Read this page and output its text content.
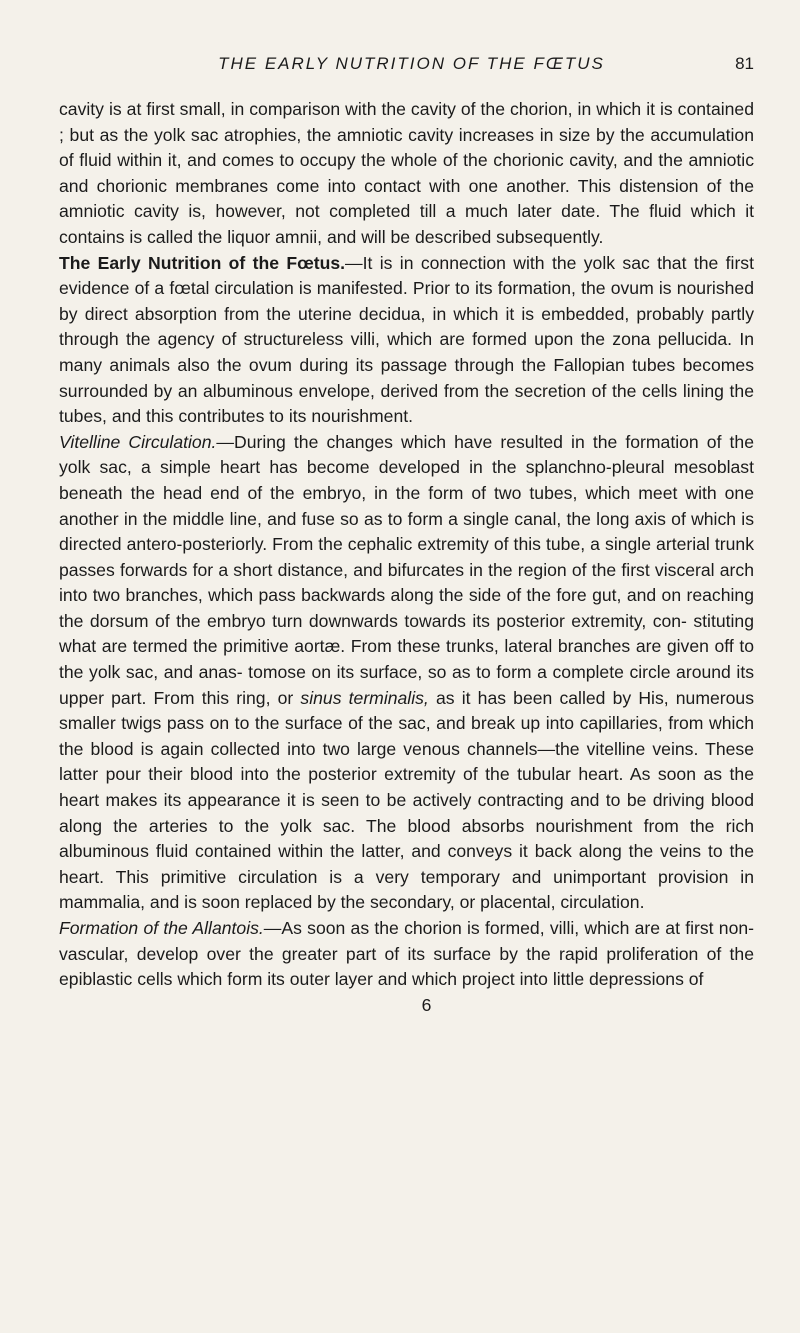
THE EARLY NUTRITION OF THE FŒTUS	81

cavity is at first small, in comparison with the cavity of the chorion, in which it is contained ; but as the yolk sac atrophies, the amniotic cavity increases in size by the accumulation of fluid within it, and comes to occupy the whole of the chorionic cavity, and the amniotic and chorionic membranes come into contact with one another. This distension of the amniotic cavity is, however, not completed till a much later date. The fluid which it contains is called the liquor amnii, and will be described subsequently.

The Early Nutrition of the Fœtus.—It is in connection with the yolk sac that the first evidence of a fœtal circulation is manifested. Prior to its formation, the ovum is nourished by direct absorption from the uterine decidua, in which it is embedded, probably partly through the agency of structureless villi, which are formed upon the zona pellucida. In many animals also the ovum during its passage through the Fallopian tubes becomes surrounded by an albuminous envelope, derived from the secretion of the cells lining the tubes, and this contributes to its nourishment.

Vitelline Circulation.—During the changes which have resulted in the formation of the yolk sac, a simple heart has become developed in the splanchno-pleural mesoblast beneath the head end of the embryo, in the form of two tubes, which meet with one another in the middle line, and fuse so as to form a single canal, the long axis of which is directed antero-posteriorly. From the cephalic extremity of this tube, a single arterial trunk passes forwards for a short distance, and bifurcates in the region of the first visceral arch into two branches, which pass backwards along the side of the fore gut, and on reaching the dorsum of the embryo turn downwards towards its posterior extremity, con- stituting what are termed the primitive aortæ. From these trunks, lateral branches are given off to the yolk sac, and anas- tomose on its surface, so as to form a complete circle around its upper part. From this ring, or sinus terminalis, as it has been called by His, numerous smaller twigs pass on to the surface of the sac, and break up into capillaries, from which the blood is again collected into two large venous channels—the vitelline veins. These latter pour their blood into the posterior extremity of the tubular heart. As soon as the heart makes its appearance it is seen to be actively contracting and to be driving blood along the arteries to the yolk sac. The blood absorbs nourishment from the rich albuminous fluid contained within the latter, and conveys it back along the veins to the heart. This primitive circulation is a very temporary and unimportant provision in mammalia, and is soon replaced by the secondary, or placental, circulation.

Formation of the Allantois.—As soon as the chorion is formed, villi, which are at first non-vascular, develop over the greater part of its surface by the rapid proliferation of the epiblastic cells which form its outer layer and which project into little depressions of

6
